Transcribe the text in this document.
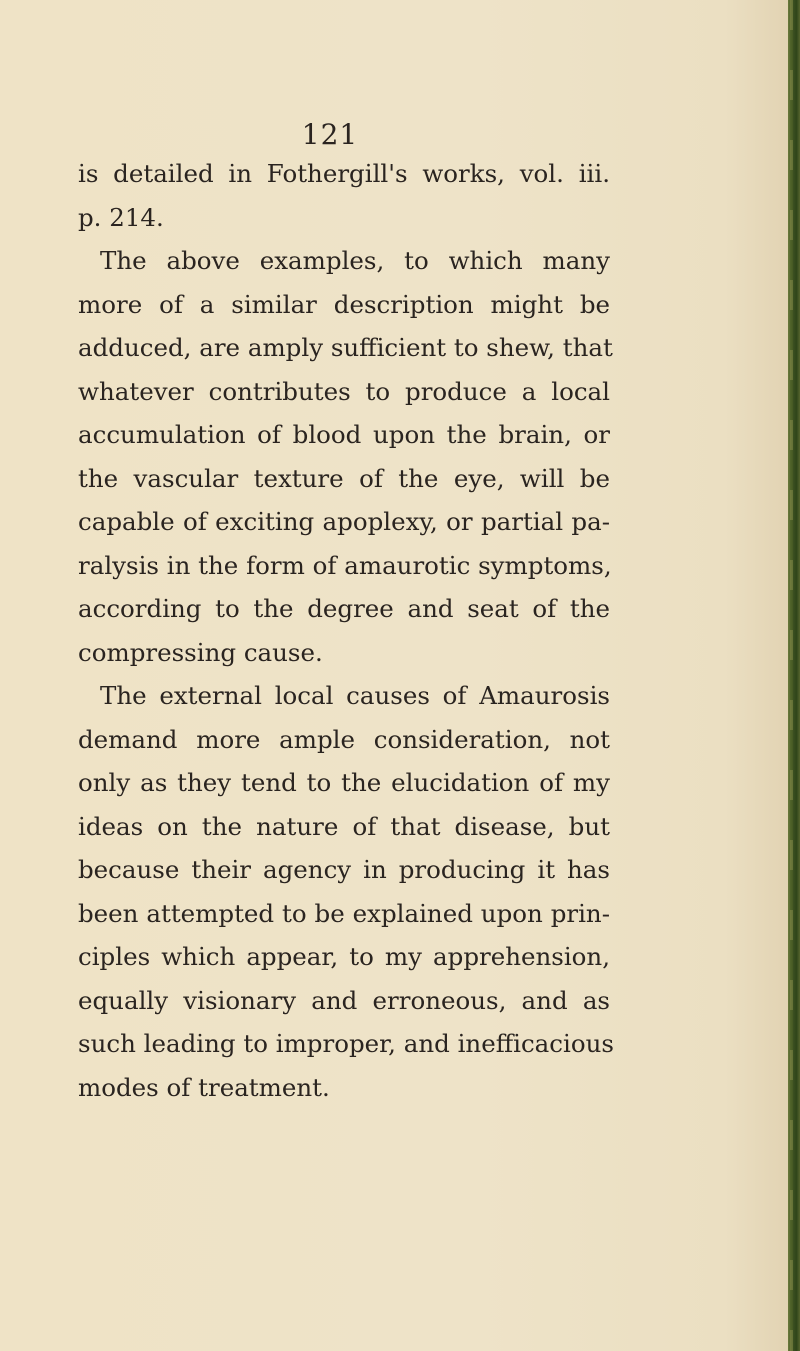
121
is detailed in Fothergill's works, vol. iii.
p. 214.
The above examples, to which many
more of a similar description might be
adduced, are amply sufficient to shew, that
whatever contributes to produce a local
accumulation of blood upon the brain, or
the vascular texture of the eye, will be
capable of exciting apoplexy, or partial pa-
ralysis in the form of amaurotic symptoms,
according to the degree and seat of the
compressing cause.
The external local causes of Amaurosis
demand more ample consideration, not
only as they tend to the elucidation of my
ideas on the nature of that disease, but
because their agency in producing it has
been attempted to be explained upon prin-
ciples which appear, to my apprehension,
equally visionary and erroneous, and as
such leading to improper, and inefficacious
modes of treatment.
